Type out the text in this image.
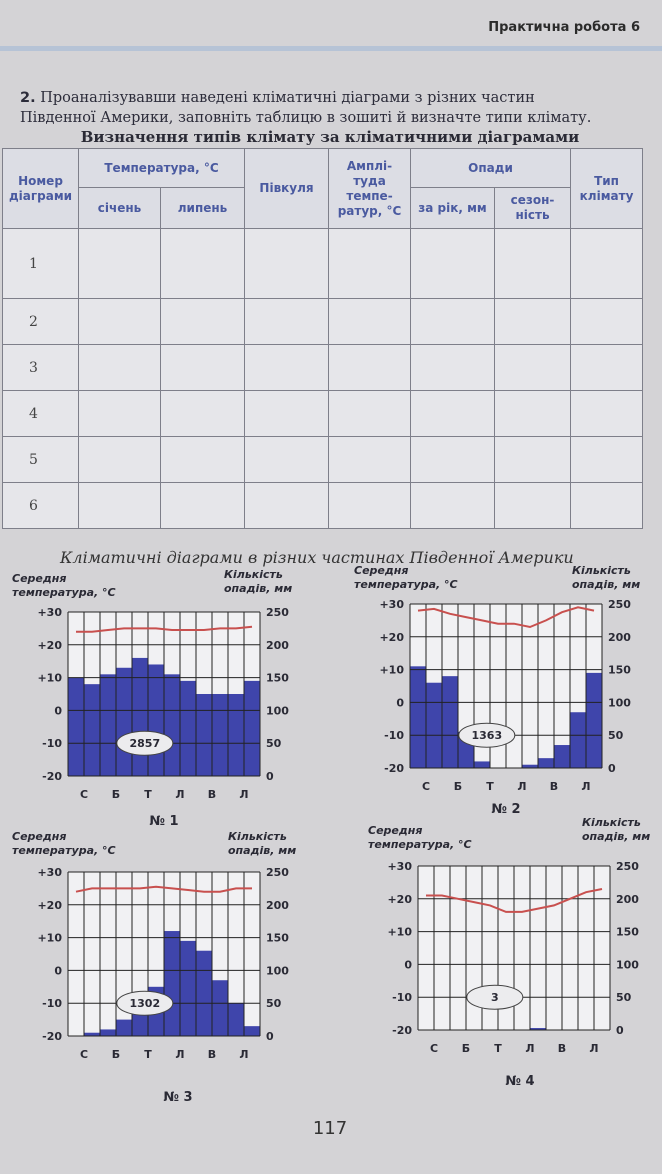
Практична робота 6
2. Проаналізувавши наведені кліматичні діаграми з різних частин
Південної Америки, заповніть таблицю в зошиті й визначте типи клімату.
Визначення типів клімату за кліматичними діаграмами
Номер діаграми	Температура, °С		Півкуля	Амплі- туда темпе- ратур, °С	Опади		Тип клімату
	січень	липень			за рік, мм	сезон- ність	
1							
2							
3							
4							
5							
6							
Кліматичні діаграми в різних частинах Південної Америки
Середня
температура, °С
Кількість
опадів, мм
+30	250
+20	200
+10	150
0	100
-10	50
-20	0
2857
С Б Т Л В Л
№ 1
Середня
температура, °С
Кількість
опадів, мм
+30	250
+20	200
+10	150
0	100
-10	50
-20	0
1363
С Б Т Л В Л
№ 2
Середня
температура, °С
Кількість
опадів, мм
+30	250
+20	200
+10	150
0	100
-10	50
-20	0
1302
С Б Т Л В Л
№ 3
Середня
температура, °С
Кількість
опадів, мм
+30	250
+20	200
+10	150
0	100
-10	50
-20	0
3
С Б Т Л В Л
№ 4
117
